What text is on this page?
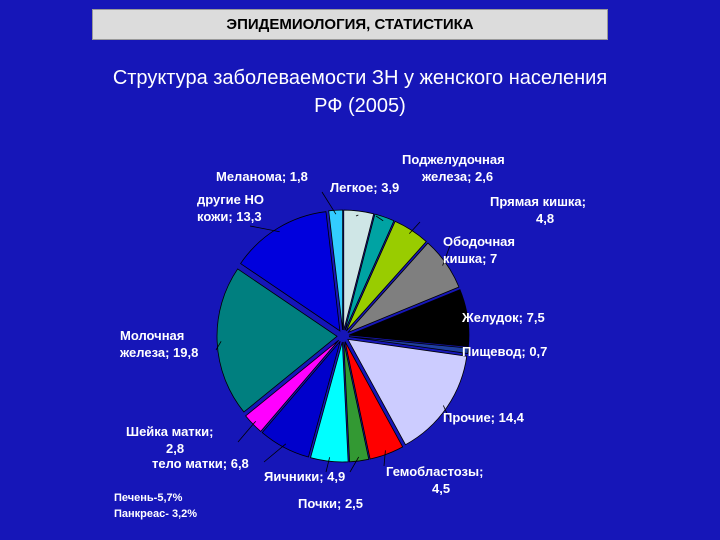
ЭПИДЕМИОЛОГИЯ, СТАТИСТИКА
Структура заболеваемости ЗН у женского населения
РФ (2005)
Легкое; 3,9
Поджелудочная железа; 2,6
Прямая кишка; 4,8
Ободочная кишка; 7
Желудок; 7,5
Пищевод; 0,7
Прочие; 14,4
Гемобластозы; 4,5
Почки; 2,5
Яичники; 4,9
тело матки; 6,8
Шейка матки; 2,8
Молочная железа; 19,8
другие НО кожи; 13,3
Меланома; 1,8
Печень-5,7%
Панкреас- 3,2%
